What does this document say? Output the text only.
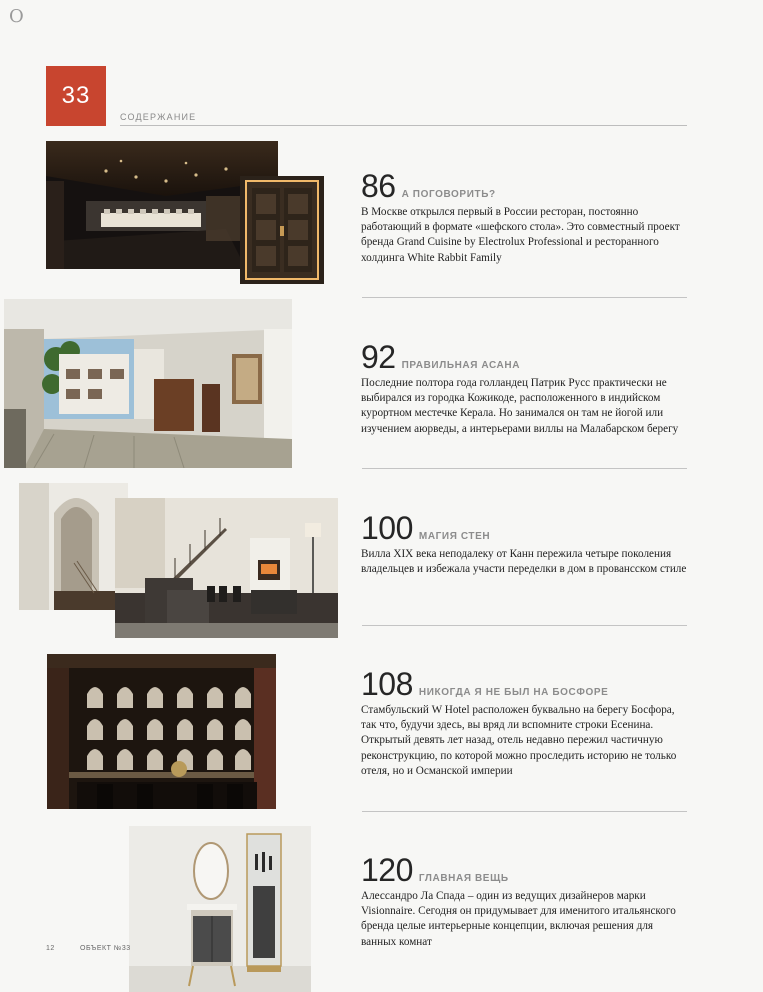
O
33
СОДЕРЖАНИЕ
86 А ПОГОВОРИТЬ?
В Москве открылся первый в России ресторан, постоянно работающий в формате «шефского стола». Это совместный проект бренда Grand Cuisine by Electrolux Professional и ресторанного холдинга White Rabbit Family
92 ПРАВИЛЬНАЯ АСАНА
Последние полтора года голландец Патрик Русс практически не выбирался из городка Кожикоде, расположенного в индийском курортном местечке Керала. Но занимался он там не йогой или изучением аюрведы, а интерьерами виллы на Малабарском берегу
100 МАГИЯ СТЕН
Вилла XIX века неподалеку от Канн пережила четыре поколения владельцев и избежала участи переделки в дом в провансском стиле
108 НИКОГДА Я НЕ БЫЛ НА БОСФОРЕ
Стамбульский W Hotel расположен буквально на берегу Босфора, так что, будучи здесь, вы вряд ли вспомните строки Есенина. Открытый девять лет назад, отель недавно пережил частичную реконструкцию, по которой можно проследить историю не только отеля, но и Османской империи
120 ГЛАВНАЯ ВЕЩЬ
Алессандро Ла Спада – один из ведущих дизайнеров марки Visionnaire. Сегодня он придумывает для именитого итальянского бренда целые интерьерные концепции, включая решения для ванных комнат
12	ОБЪЕКТ №33
